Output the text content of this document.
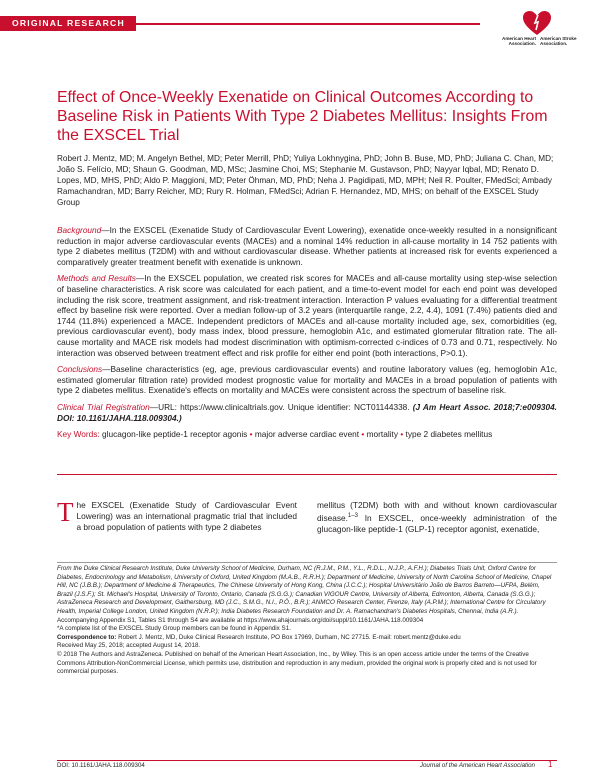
ORIGINAL RESEARCH
American Heart Association.
American Stroke Association.
Effect of Once-Weekly Exenatide on Clinical Outcomes According to Baseline Risk in Patients With Type 2 Diabetes Mellitus: Insights From the EXSCEL Trial

Robert J. Mentz, MD; M. Angelyn Bethel, MD; Peter Merrill, PhD; Yuliya Lokhnygina, PhD; John B. Buse, MD, PhD; Juliana C. Chan, MD; João S. Felício, MD; Shaun G. Goodman, MD, MSc; Jasmine Choi, MS; Stephanie M. Gustavson, PhD; Nayyar Iqbal, MD; Renato D. Lopes, MD, MHS, PhD; Aldo P. Maggioni, MD; Peter Öhman, MD, PhD; Neha J. Pagidipati, MD, MPH; Neil R. Poulter, FMedSci; Ambady Ramachandran, MD; Barry Reicher, MD; Rury R. Holman, FMedSci; Adrian F. Hernandez, MD, MHS; on behalf of the EXSCEL Study Group

Background—In the EXSCEL (Exenatide Study of Cardiovascular Event Lowering), exenatide once-weekly resulted in a nonsignificant reduction in major adverse cardiovascular events (MACEs) and a nominal 14% reduction in all-cause mortality in 14 752 patients with type 2 diabetes mellitus (T2DM) with and without cardiovascular disease. Whether patients at increased risk for events experienced a comparatively greater treatment benefit with exenatide is unknown.

Methods and Results—In the EXSCEL population, we created risk scores for MACEs and all-cause mortality using step-wise selection of baseline characteristics. A risk score was calculated for each patient, and a time-to-event model for each end point was developed including the risk score, treatment assignment, and risk-treatment interaction. Interaction P values evaluating for a differential treatment effect by baseline risk were reported. Over a median follow-up of 3.2 years (interquartile range, 2.2, 4.4), 1091 (7.4%) patients died and 1744 (11.8%) experienced a MACE. Independent predictors of MACEs and all-cause mortality included age, sex, comorbidities (eg, previous cardiovascular event), body mass index, blood pressure, hemoglobin A1c, and estimated glomerular filtration rate. The all-cause mortality and MACE risk models had modest discrimination with optimism-corrected c-indices of 0.73 and 0.71, respectively. No interaction was observed between treatment effect and risk profile for either end point (both interactions, P>0.1).

Conclusions—Baseline characteristics (eg, age, previous cardiovascular events) and routine laboratory values (eg, hemoglobin A1c, estimated glomerular filtration rate) provided modest prognostic value for mortality and MACEs in a broad population of patients with type 2 diabetes mellitus. Exenatide's effects on mortality and MACEs were consistent across the spectrum of baseline risk.

Clinical Trial Registration—URL: https://www.clinicaltrials.gov. Unique identifier: NCT01144338. (J Am Heart Assoc. 2018;7:e009304. DOI: 10.1161/JAHA.118.009304.)

Key Words: glucagon-like peptide-1 receptor agonis • major adverse cardiac event • mortality • type 2 diabetes mellitus

The EXSCEL (Exenatide Study of Cardiovascular Event Lowering) was an international pragmatic trial that included a broad population of patients with type 2 diabetes
mellitus (T2DM) both with and without known cardiovascular disease.$^{1-3}$ In EXSCEL, once-weekly administration of the glucagon-like peptide-1 (GLP-1) receptor agonist, exenatide,

From the Duke Clinical Research Institute, Duke University School of Medicine, Durham, NC (R.J.M., P.M., Y.L., R.D.L., N.J.P., A.F.H.); Diabetes Trials Unit, Oxford Centre for Diabetes, Endocrinology and Metabolism, University of Oxford, United Kingdom (M.A.B., R.R.H.); Department of Medicine, University of North Carolina School of Medicine, Chapel Hill, NC (J.B.B.); Department of Medicine & Therapeutics, The Chinese University of Hong Kong, China (J.C.C.); Hospital Universitário João de Barros Barreto—UFPA, Belém, Brazil (J.S.F.); St. Michael's Hospital, University of Toronto, Ontario, Canada (S.G.G.); Canadian VIGOUR Centre, University of Alberta, Edmonton, Alberta, Canada (S.G.G.); AstraZeneca Research and Development, Gaithersburg, MD (J.C., S.M.G., N.I., P.Ö., B.R.); ANMCO Research Center, Firenze, Italy (A.P.M.); International Centre for Circulatory Health, Imperial College London, United Kingdom (N.R.P.); India Diabetes Research Foundation and Dr. A. Ramachandran's Diabetes Hospitals, Chennai, India (A.R.).

Accompanying Appendix S1, Tables S1 through S4 are available at https://www.ahajournals.org/doi/suppl/10.1161/JAHA.118.009304

*A complete list of the EXSCEL Study Group members can be found in Appendix S1.

Correspondence to: Robert J. Mentz, MD, Duke Clinical Research Institute, PO Box 17969, Durham, NC 27715. E-mail: robert.mentz@duke.edu

Received May 25, 2018; accepted August 14, 2018.

© 2018 The Authors and AstraZeneca. Published on behalf of the American Heart Association, Inc., by Wiley. This is an open access article under the terms of the Creative Commons Attribution-NonCommercial License, which permits use, distribution and reproduction in any medium, provided the original work is properly cited and is not used for commercial purposes.

DOI: 10.1161/JAHA.118.009304	Journal of the American Heart Association 1
